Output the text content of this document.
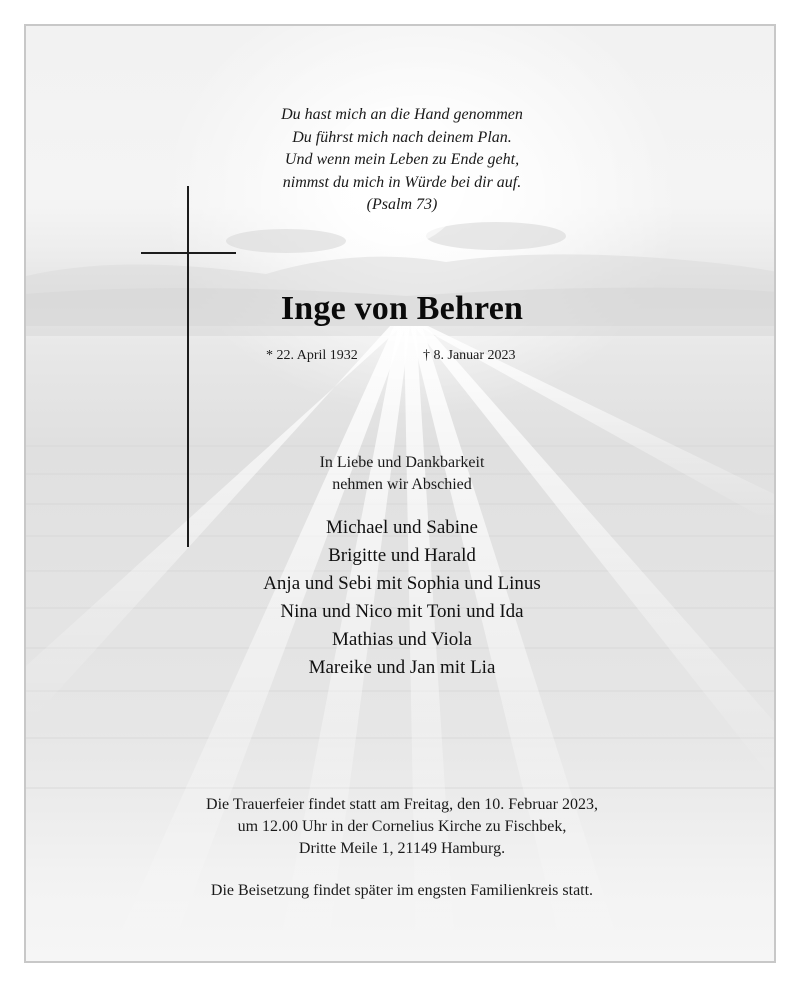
Du hast mich an die Hand genommen
Du führst mich nach deinem Plan.
Und wenn mein Leben zu Ende geht,
nimmst du mich in Würde bei dir auf.
(Psalm 73)
Inge von Behren
* 22. April 1932	† 8. Januar 2023
In Liebe und Dankbarkeit
nehmen wir Abschied
Michael und Sabine
Brigitte und Harald
Anja und Sebi mit Sophia und Linus
Nina und Nico mit Toni und Ida
Mathias und Viola
Mareike und Jan mit Lia
Die Trauerfeier findet statt am Freitag, den 10. Februar 2023,
um 12.00 Uhr in der Cornelius Kirche zu Fischbek,
Dritte Meile 1, 21149 Hamburg.
Die Beisetzung findet später im engsten Familienkreis statt.
